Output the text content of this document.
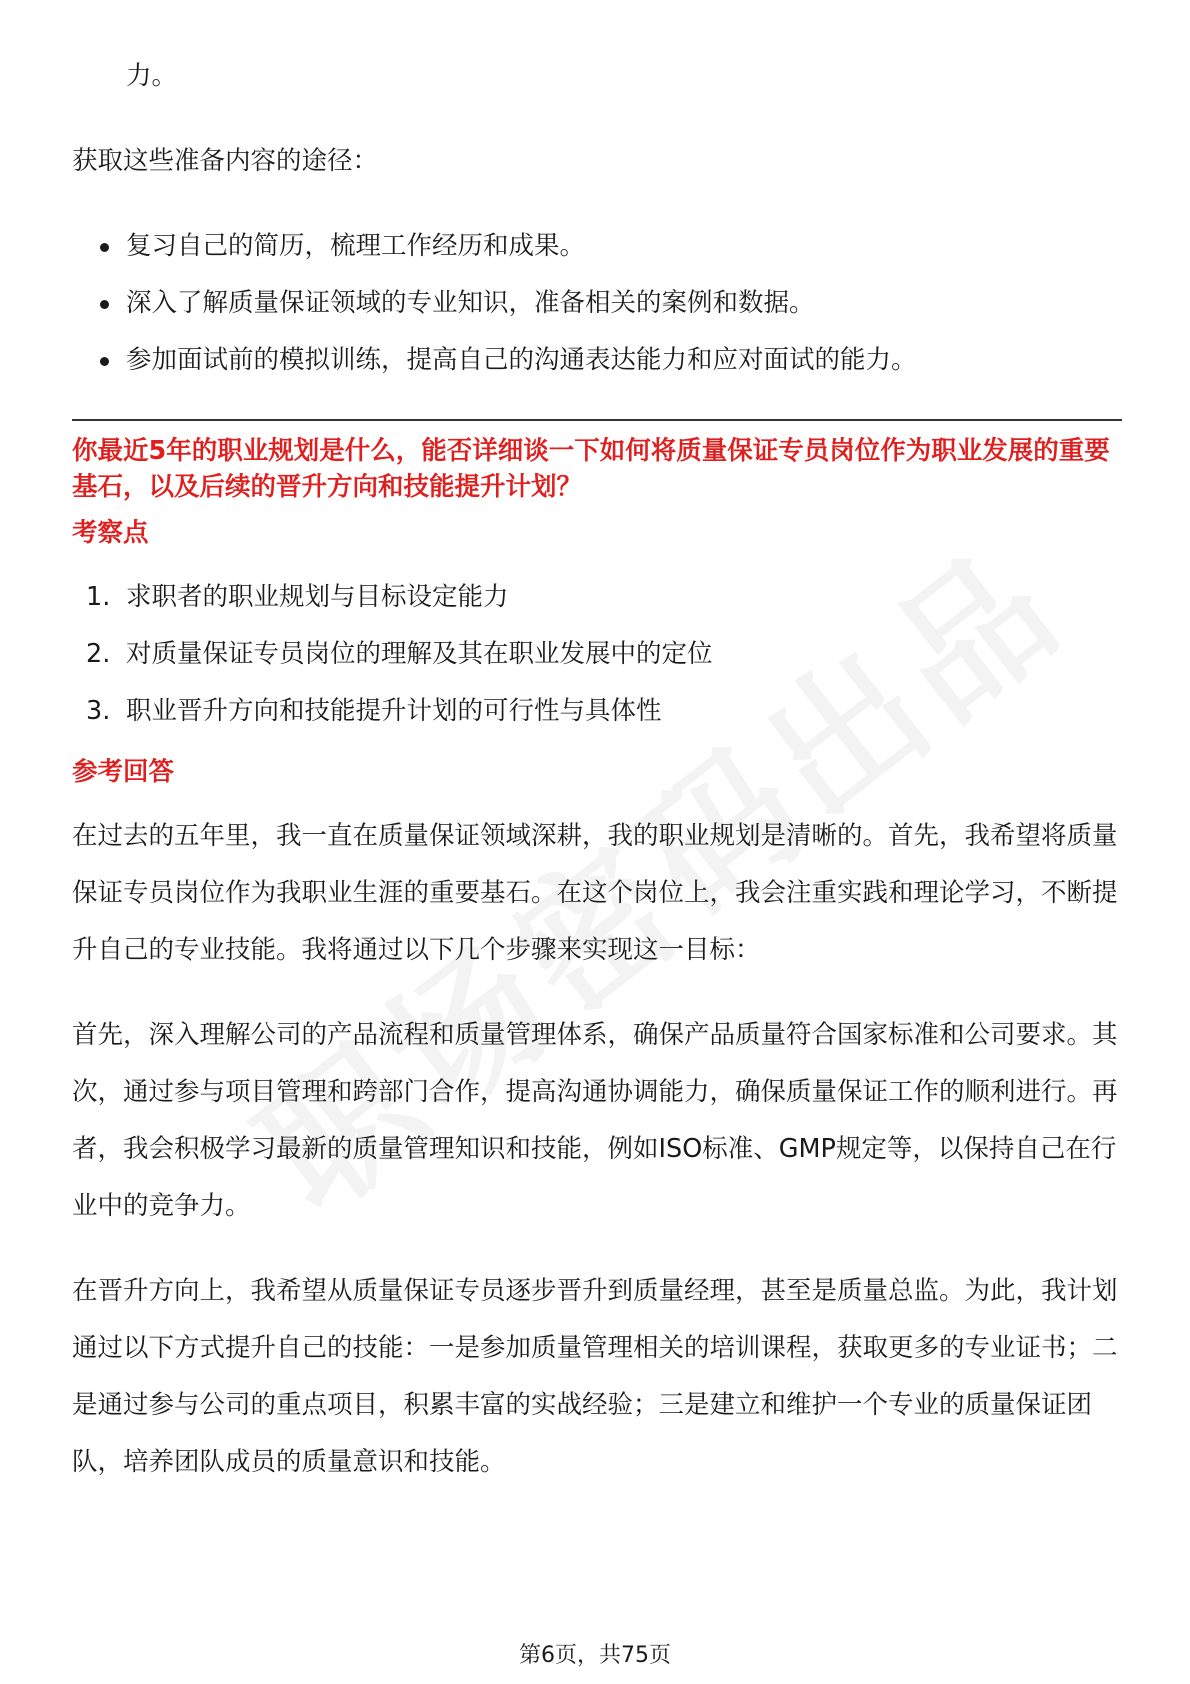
力。

获取这些准备内容的途径：

复习自己的简历，梳理工作经历和成果。
深入了解质量保证领域的专业知识，准备相关的案例和数据。
参加面试前的模拟训练，提高自己的沟通表达能力和应对面试的能力。

你最近5年的职业规划是什么，能否详细谈一下如何将质量保证专员岗位作为职业发展的重要基石，以及后续的晋升方向和技能提升计划？

考察点

1. 求职者的职业规划与目标设定能力
2. 对质量保证专员岗位的理解及其在职业发展中的定位
3. 职业晋升方向和技能提升计划的可行性与具体性

参考回答

在过去的五年里，我一直在质量保证领域深耕，我的职业规划是清晰的。首先，我希望将质量保证专员岗位作为我职业生涯的重要基石。在这个岗位上，我会注重实践和理论学习，不断提升自己的专业技能。我将通过以下几个步骤来实现这一目标：

首先，深入理解公司的产品流程和质量管理体系，确保产品质量符合国家标准和公司要求。其次，通过参与项目管理和跨部门合作，提高沟通协调能力，确保质量保证工作的顺利进行。再者，我会积极学习最新的质量管理知识和技能，例如ISO标准、GMP规定等，以保持自己在行业中的竞争力。

在晋升方向上，我希望从质量保证专员逐步晋升到质量经理，甚至是质量总监。为此，我计划通过以下方式提升自己的技能：一是参加质量管理相关的培训课程，获取更多的专业证书；二是通过参与公司的重点项目，积累丰富的实战经验；三是建立和维护一个专业的质量保证团队，培养团队成员的质量意识和技能。

第6页，共75页
